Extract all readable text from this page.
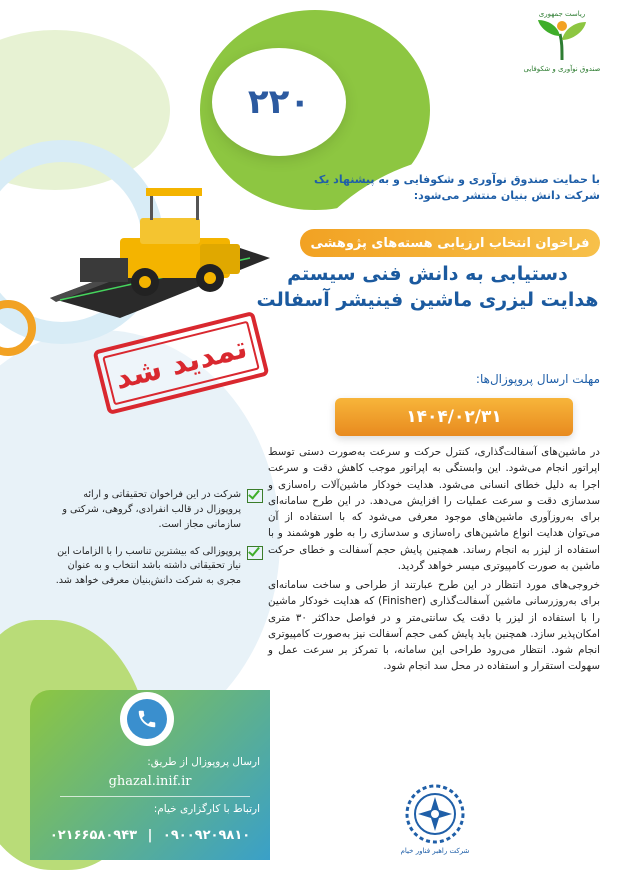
۲۲۰
ریاست جمهوری
صندوق نوآوری و شکوفایی
با حمایت صندوق نوآوری و شکوفایی و به پیشنهاد یک شرکت دانش بنیان منتشر می‌شود:
فراخوان انتخاب ارزیابی هسته‌های پژوهشی
دستیابی به دانش فنی سیستم هدایت لیزری ماشین فینیشر آسفالت
تمدید شد	مهلت ارسال پروپوزال‌ها:
۱۴۰۴/۰۲/۳۱

در ماشین‌های آسفالت‌گذاری، کنترل حرکت و سرعت به‌صورت دستی توسط اپراتور انجام می‌شود. این وابستگی به اپراتور موجب کاهش دقت و سرعت اجرا به دلیل خطای انسانی می‌شود. هدایت خودکار ماشین‌آلات راه‌سازی و سدسازی دقت و سرعت عملیات را افزایش می‌دهد. در این طرح سامانه‌ای برای به‌روزآوری ماشین‌های موجود معرفی می‌شود که با استفاده از آن می‌توان هدایت انواع ماشین‌های راه‌سازی و سدسازی را به طور هوشمند و با استفاده از لیزر به انجام رساند. همچنین پایش حجم آسفالت و خطای حرکت ماشین به صورت کامپیوتری میسر خواهد گردید.

خروجی‌های مورد انتظار در این طرح عبارتند از طراحی و ساخت سامانه‌ای برای به‌روزرسانی ماشین آسفالت‌گذاری (Finisher) که هدایت خودکار ماشین را با استفاده از لیزر با دقت یک سانتی‌متر و در فواصل حداکثر ۳۰ متری امکان‌پذیر سازد. همچنین باید پایش کمی حجم آسفالت نیز به‌صورت کامپیوتری انجام شود. انتظار می‌رود طراحی این سامانه، با تمرکز بر سرعت عمل و سهولت استقرار و استفاده در محل سد انجام شود.

شرکت در این فراخوان تحقیقاتی و ارائه پروپوزال در قالب انفرادی، گروهی، شرکتی و سازمانی مجاز است.
پروپوزالی که بیشترین تناسب را با الزامات این نیاز تحقیقاتی داشته باشد انتخاب و به عنوان مجری به شرکت دانش‌بنیان معرفی خواهد شد.
ارسال پروپوزال از طریق:
ghazal.inif.ir
ارتباط با کارگزاری خیام:
۰۲۱۶۶۵۸۰۹۴۳ | ۰۹۰۰۹۲۰۹۸۱۰
شرکت راهبر فناور خیام
